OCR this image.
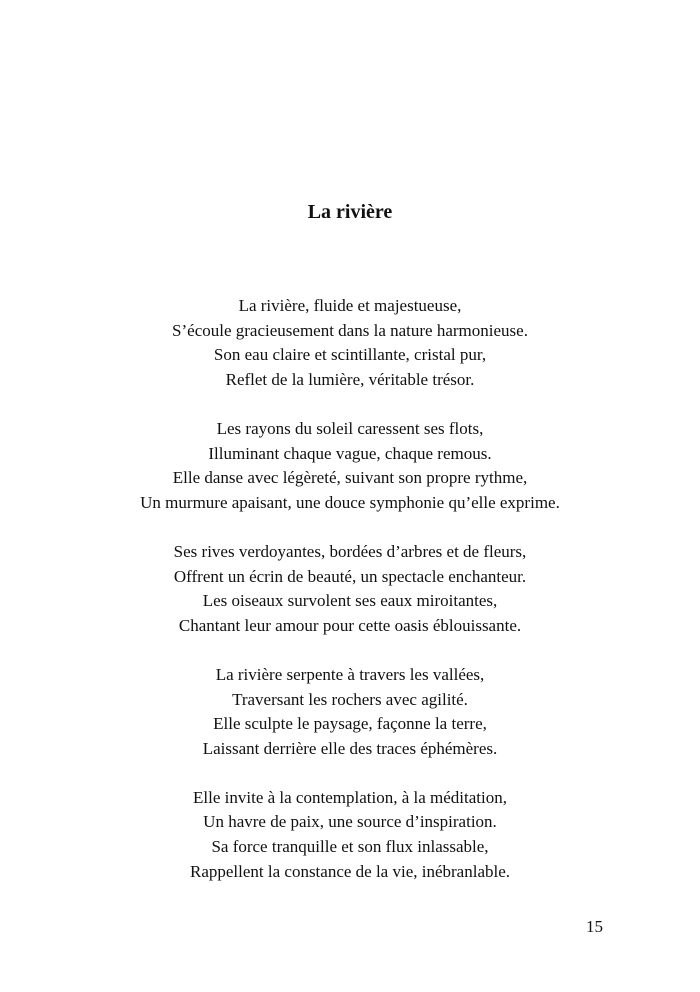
La rivière
La rivière, fluide et majestueuse,
S’écoule gracieusement dans la nature harmonieuse.
Son eau claire et scintillante, cristal pur,
Reflet de la lumière, véritable trésor.
Les rayons du soleil caressent ses flots,
Illuminant chaque vague, chaque remous.
Elle danse avec légèreté, suivant son propre rythme,
Un murmure apaisant, une douce symphonie qu’elle exprime.
Ses rives verdoyantes, bordées d’arbres et de fleurs,
Offrent un écrin de beauté, un spectacle enchanteur.
Les oiseaux survolent ses eaux miroitantes,
Chantant leur amour pour cette oasis éblouissante.
La rivière serpente à travers les vallées,
Traversant les rochers avec agilité.
Elle sculpte le paysage, façonne la terre,
Laissant derrière elle des traces éphémères.
Elle invite à la contemplation, à la méditation,
Un havre de paix, une source d’inspiration.
Sa force tranquille et son flux inlassable,
Rappellent la constance de la vie, inébranlable.
15
